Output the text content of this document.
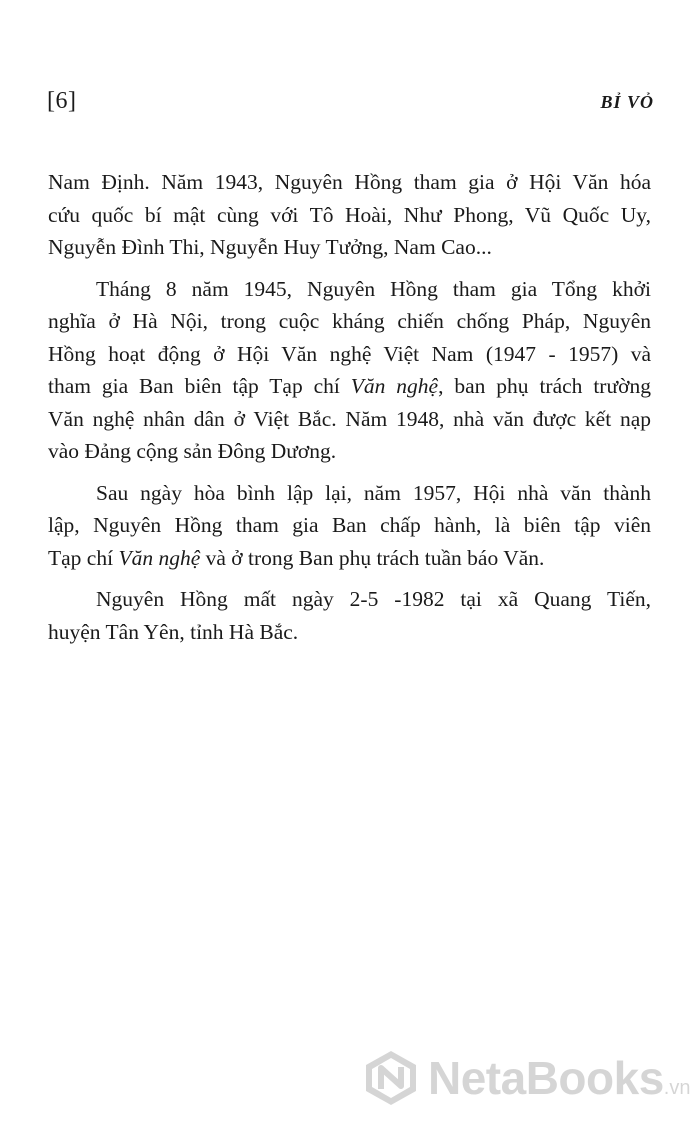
[6]	BỈ VỎ

Nam Định. Năm 1943, Nguyên Hồng tham gia ở Hội Văn hóa
cứu quốc bí mật cùng với Tô Hoài, Như Phong, Vũ Quốc Uy,
Nguyễn Đình Thi, Nguyễn Huy Tưởng, Nam Cao...

Tháng 8 năm 1945, Nguyên Hồng tham gia Tổng khởi
nghĩa ở Hà Nội, trong cuộc kháng chiến chống Pháp, Nguyên
Hồng hoạt động ở Hội Văn nghệ Việt Nam (1947 - 1957) và
tham gia Ban biên tập Tạp chí Văn nghệ, ban phụ trách trường
Văn nghệ nhân dân ở Việt Bắc. Năm 1948, nhà văn được kết nạp
vào Đảng cộng sản Đông Dương.

Sau ngày hòa bình lập lại, năm 1957, Hội nhà văn thành
lập, Nguyên Hồng tham gia Ban chấp hành, là biên tập viên
Tạp chí Văn nghệ và ở trong Ban phụ trách tuần báo Văn.

Nguyên Hồng mất ngày 2-5 -1982 tại xã Quang Tiến,
huyện Tân Yên, tỉnh Hà Bắc.

NetaBooks.vn
